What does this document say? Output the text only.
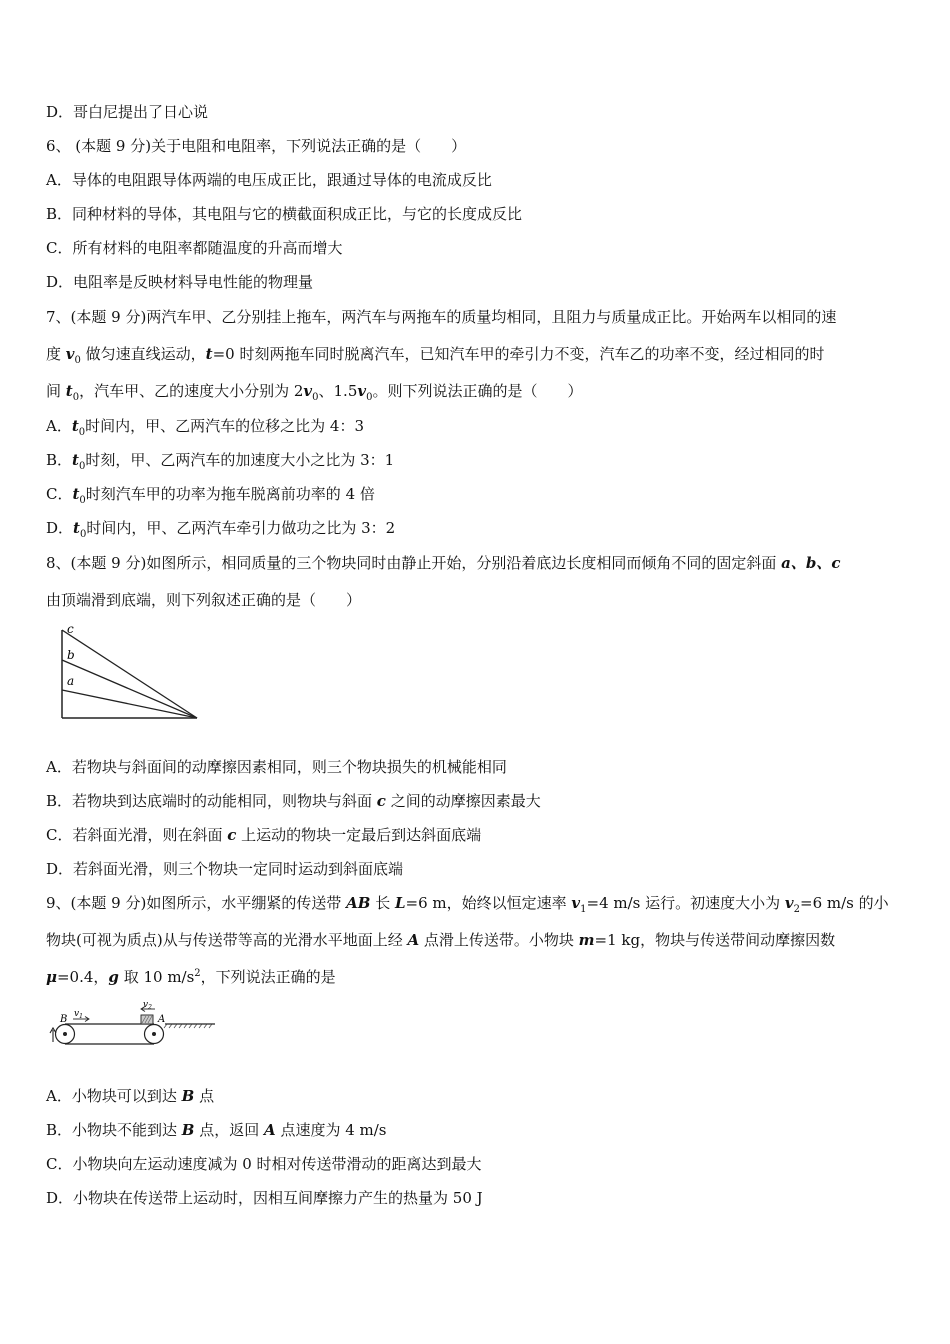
D．哥白尼提出了日心说
6、 (本题 9 分)关于电阻和电阻率，下列说法正确的是（　　）
A．导体的电阻跟导体两端的电压成正比，跟通过导体的电流成反比
B．同种材料的导体，其电阻与它的横截面积成正比，与它的长度成反比
C．所有材料的电阻率都随温度的升高而增大
D．电阻率是反映材料导电性能的物理量
7、(本题 9 分)两汽车甲、乙分别挂上拖车，两汽车与两拖车的质量均相同，且阻力与质量成正比。开始两车以相同的速
度 $v_0$ 做匀速直线运动，t=0 时刻两拖车同时脱离汽车，已知汽车甲的牵引力不变，汽车乙的功率不变，经过相同的时
间 $t_0$，汽车甲、乙的速度大小分别为 $2v_0$、$1.5v_0$。则下列说法正确的是（　　）
A．$t_0$时间内，甲、乙两汽车的位移之比为 4：3
B．$t_0$时刻，甲、乙两汽车的加速度大小之比为 3：1
C．$t_0$时刻汽车甲的功率为拖车脱离前功率的 4 倍
D．$t_0$时间内，甲、乙两汽车牵引力做功之比为 3：2
8、(本题 9 分)如图所示，相同质量的三个物块同时由静止开始，分别沿着底边长度相同而倾角不同的固定斜面 a、b、c
由顶端滑到底端，则下列叙述正确的是（　　）
c
b
a
A．若物块与斜面间的动摩擦因素相同，则三个物块损失的机械能相同
B．若物块到达底端时的动能相同，则物块与斜面 c 之间的动摩擦因素最大
C．若斜面光滑，则在斜面 c 上运动的物块一定最后到达斜面底端
D．若斜面光滑，则三个物块一定同时运动到斜面底端
9、(本题 9 分)如图所示，水平绷紧的传送带 AB 长 L=6 m，始终以恒定速率 $v_1=4$ m/s 运行。初速度大小为 $v_2=6$ m/s 的小
物块(可视为质点)从与传送带等高的光滑水平地面上经 A 点滑上传送带。小物块 m=1 kg，物块与传送带间动摩擦因数
μ=0.4，g 取 10 $m/s^2$，下列说法正确的是
$v_2$
$v_1$
B	A
A．小物块可以到达 B 点
B．小物块不能到达 B 点，返回 A 点速度为 4 m/s
C．小物块向左运动速度减为 0 时相对传送带滑动的距离达到最大
D．小物块在传送带上运动时，因相互间摩擦力产生的热量为 50 J
